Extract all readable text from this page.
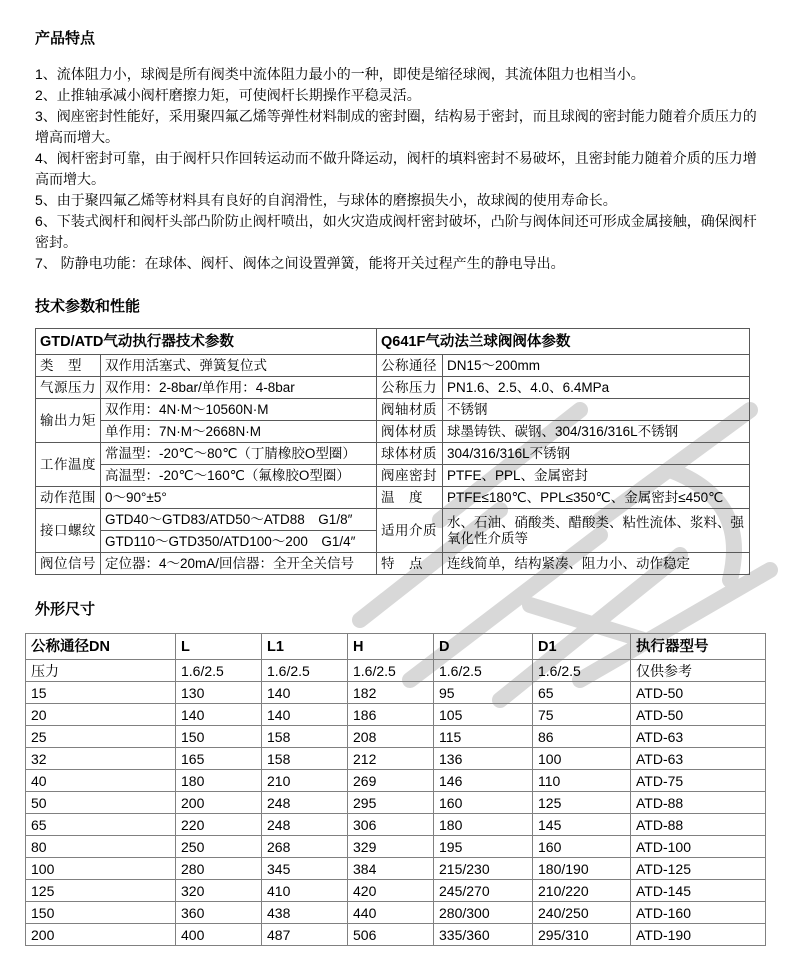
产品特点

1、流体阻力小，球阀是所有阀类中流体阻力最小的一种，即使是缩径球阀，其流体阻力也相当小。

2、止推轴承减小阀杆磨擦力矩，可使阀杆长期操作平稳灵活。

3、阀座密封性能好，采用聚四氟乙烯等弹性材料制成的密封圈，结构易于密封，而且球阀的密封能力随着介质压力的增高而增大。

4、阀杆密封可靠，由于阀杆只作回转运动而不做升降运动，阀杆的填料密封不易破坏，且密封能力随着介质的压力增高而增大。

5、由于聚四氟乙烯等材料具有良好的自润滑性，与球体的磨擦损失小，故球阀的使用寿命长。

6、下装式阀杆和阀杆头部凸阶防止阀杆喷出，如火灾造成阀杆密封破坏，凸阶与阀体间还可形成金属接触，确保阀杆密封。

7、 防静电功能：在球体、阀杆、阀体之间设置弹簧，能将开关过程产生的静电导出。

技术参数和性能
GTD/ATD气动执行器技术参数		Q641F气动法兰球阀阀体参数	
类　型	双作用活塞式、弹簧复位式	公称通径	DN15～200mm
气源压力	双作用：2-8bar/单作用：4-8bar	公称压力	PN1.6、2.5、4.0、6.4MPa
输出力矩	双作用：4N·M～10560N·M	阀轴材质	不锈钢
	单作用：7N·M～2668N·M	阀体材质	球墨铸铁、碳钢、304/316/316L不锈钢
工作温度	常温型：-20℃～80℃（丁腈橡胶O型圈）	球体材质	304/316/316L不锈钢
	高温型：-20℃～160℃（氟橡胶O型圈）	阀座密封	PTFE、PPL、金属密封
动作范围	0～90°±5°	温　度	PTFE≤180℃、PPL≤350℃、金属密封≤450℃
接口螺纹	GTD40～GTD83/ATD50～ATD88　G1/8″	适用介质	水、石油、硝酸类、醋酸类、粘性流体、浆料、强氧化性介质等
	GTD110～GTD350/ATD100～200　G1/4″		
阀位信号	定位器：4～20mA/回信器：全开全关信号	特　点	连线简单，结构紧凑、阻力小、动作稳定
外形尺寸
公称通径DN	L	L1	H	D	D1	执行器型号
压力	1.6/2.5	1.6/2.5	1.6/2.5	1.6/2.5	1.6/2.5	仅供参考
15	130	140	182	95	65	ATD-50
20	140	140	186	105	75	ATD-50
25	150	158	208	115	86	ATD-63
32	165	158	212	136	100	ATD-63
40	180	210	269	146	110	ATD-75
50	200	248	295	160	125	ATD-88
65	220	248	306	180	145	ATD-88
80	250	268	329	195	160	ATD-100
100	280	345	384	215/230	180/190	ATD-125
125	320	410	420	245/270	210/220	ATD-145
150	360	438	440	280/300	240/250	ATD-160
200	400	487	506	335/360	295/310	ATD-190
